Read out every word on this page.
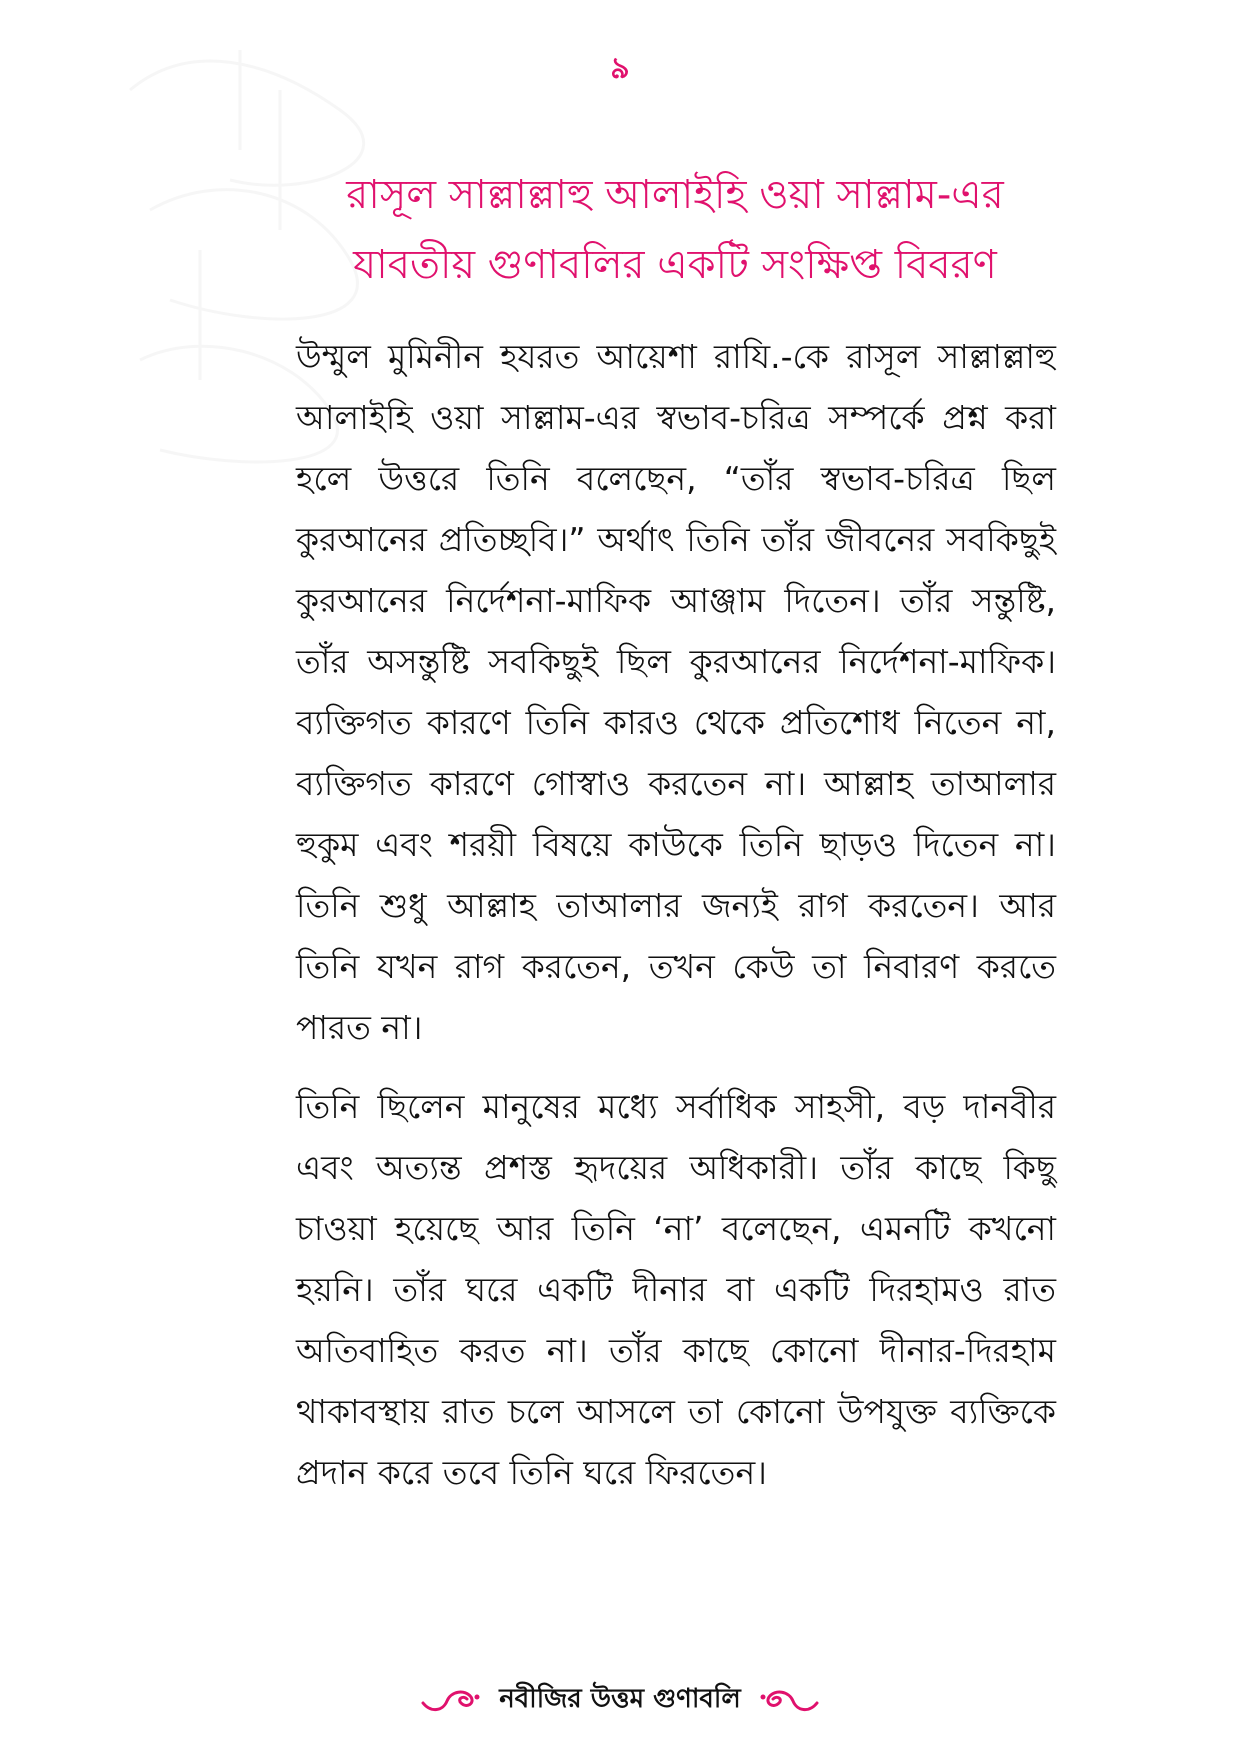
৯
রাসূল সাল্লাল্লাহু আলাইহি ওয়া সাল্লাম-এর
যাবতীয় গুণাবলির একটি সংক্ষিপ্ত বিবরণ

উম্মুল মুমিনীন হযরত আয়েশা রাযি.-কে রাসূল সাল্লাল্লাহু আলাইহি ওয়া সাল্লাম-এর স্বভাব-চরিত্র সম্পর্কে প্রশ্ন করা হলে উত্তরে তিনি বলেছেন, “তাঁর স্বভাব-চরিত্র ছিল কুরআনের প্রতিচ্ছবি।” অর্থাৎ তিনি তাঁর জীবনের সবকিছুই কুরআনের নির্দেশনা-মাফিক আঞ্জাম দিতেন। তাঁর সন্তুষ্টি, তাঁর অসন্তুষ্টি সবকিছুই ছিল কুরআনের নির্দেশনা-মাফিক। ব্যক্তিগত কারণে তিনি কারও থেকে প্রতিশোধ নিতেন না, ব্যক্তিগত কারণে গোস্বাও করতেন না। আল্লাহ তাআলার হুকুম এবং শরয়ী বিষয়ে কাউকে তিনি ছাড়ও দিতেন না। তিনি শুধু আল্লাহ তাআলার জন্যই রাগ করতেন। আর তিনি যখন রাগ করতেন, তখন কেউ তা নিবারণ করতে পারত না।

তিনি ছিলেন মানুষের মধ্যে সর্বাধিক সাহসী, বড় দানবীর এবং অত্যন্ত প্রশস্ত হৃদয়ের অধিকারী। তাঁর কাছে কিছু চাওয়া হয়েছে আর তিনি ‘না’ বলেছেন, এমনটি কখনো হয়নি। তাঁর ঘরে একটি দীনার বা একটি দিরহামও রাত অতিবাহিত করত না। তাঁর কাছে কোনো দীনার-দিরহাম থাকাবস্থায় রাত চলে আসলে তা কোনো উপযুক্ত ব্যক্তিকে প্রদান করে তবে তিনি ঘরে ফিরতেন।

নবীজির উত্তম গুণাবলি
